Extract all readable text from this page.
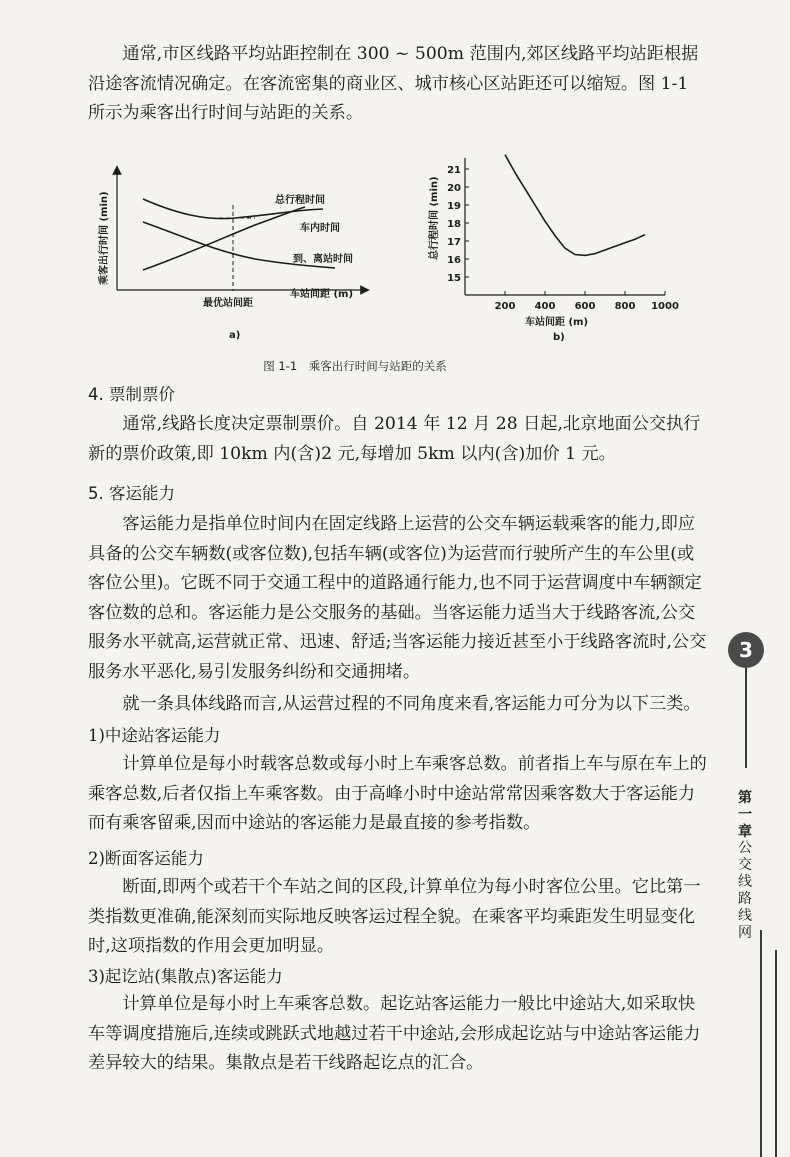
通常,市区线路平均站距控制在 300 ~ 500m 范围内,郊区线路平均站距根据沿途客流情况确定。在客流密集的商业区、城市核心区站距还可以缩短。图 1-1 所示为乘客出行时间与站距的关系。

乘客出行时间 (min)	总行程时间
车内时间
到、离站时间
最优站间距
车站间距 (m)
a)
总行程时间 (min)
车站间距 (m)
b)
200 400 600 800 1000
15
16
17
18
19
20
21
图 1-1　乘客出行时间与站距的关系
4. 票制票价

通常,线路长度决定票制票价。自 2014 年 12 月 28 日起,北京地面公交执行新的票价政策,即 10km 内(含)2 元,每增加 5km 以内(含)加价 1 元。

5. 客运能力

客运能力是指单位时间内在固定线路上运营的公交车辆运载乘客的能力,即应具备的公交车辆数(或客位数),包括车辆(或客位)为运营而行驶所产生的车公里(或客位公里)。它既不同于交通工程中的道路通行能力,也不同于运营调度中车辆额定客位数的总和。客运能力是公交服务的基础。当客运能力适当大于线路客流,公交服务水平就高,运营就正常、迅速、舒适;当客运能力接近甚至小于线路客流时,公交服务水平恶化,易引发服务纠纷和交通拥堵。

就一条具体线路而言,从运营过程的不同角度来看,客运能力可分为以下三类。

1)中途站客运能力

计算单位是每小时载客总数或每小时上车乘客总数。前者指上车与原在车上的乘客总数,后者仅指上车乘客数。由于高峰小时中途站常常因乘客数大于客运能力而有乘客留乘,因而中途站的客运能力是最直接的参考指数。

2)断面客运能力

断面,即两个或若干个车站之间的区段,计算单位为每小时客位公里。它比第一类指数更准确,能深刻而实际地反映客运过程全貌。在乘客平均乘距发生明显变化时,这项指数的作用会更加明显。

3)起讫站(集散点)客运能力

计算单位是每小时上车乘客总数。起讫站客运能力一般比中途站大,如采取快车等调度措施后,连续或跳跃式地越过若干中途站,会形成起讫站与中途站客运能力差异较大的结果。集散点是若干线路起讫点的汇合。

3
第一章
公交线路线网
